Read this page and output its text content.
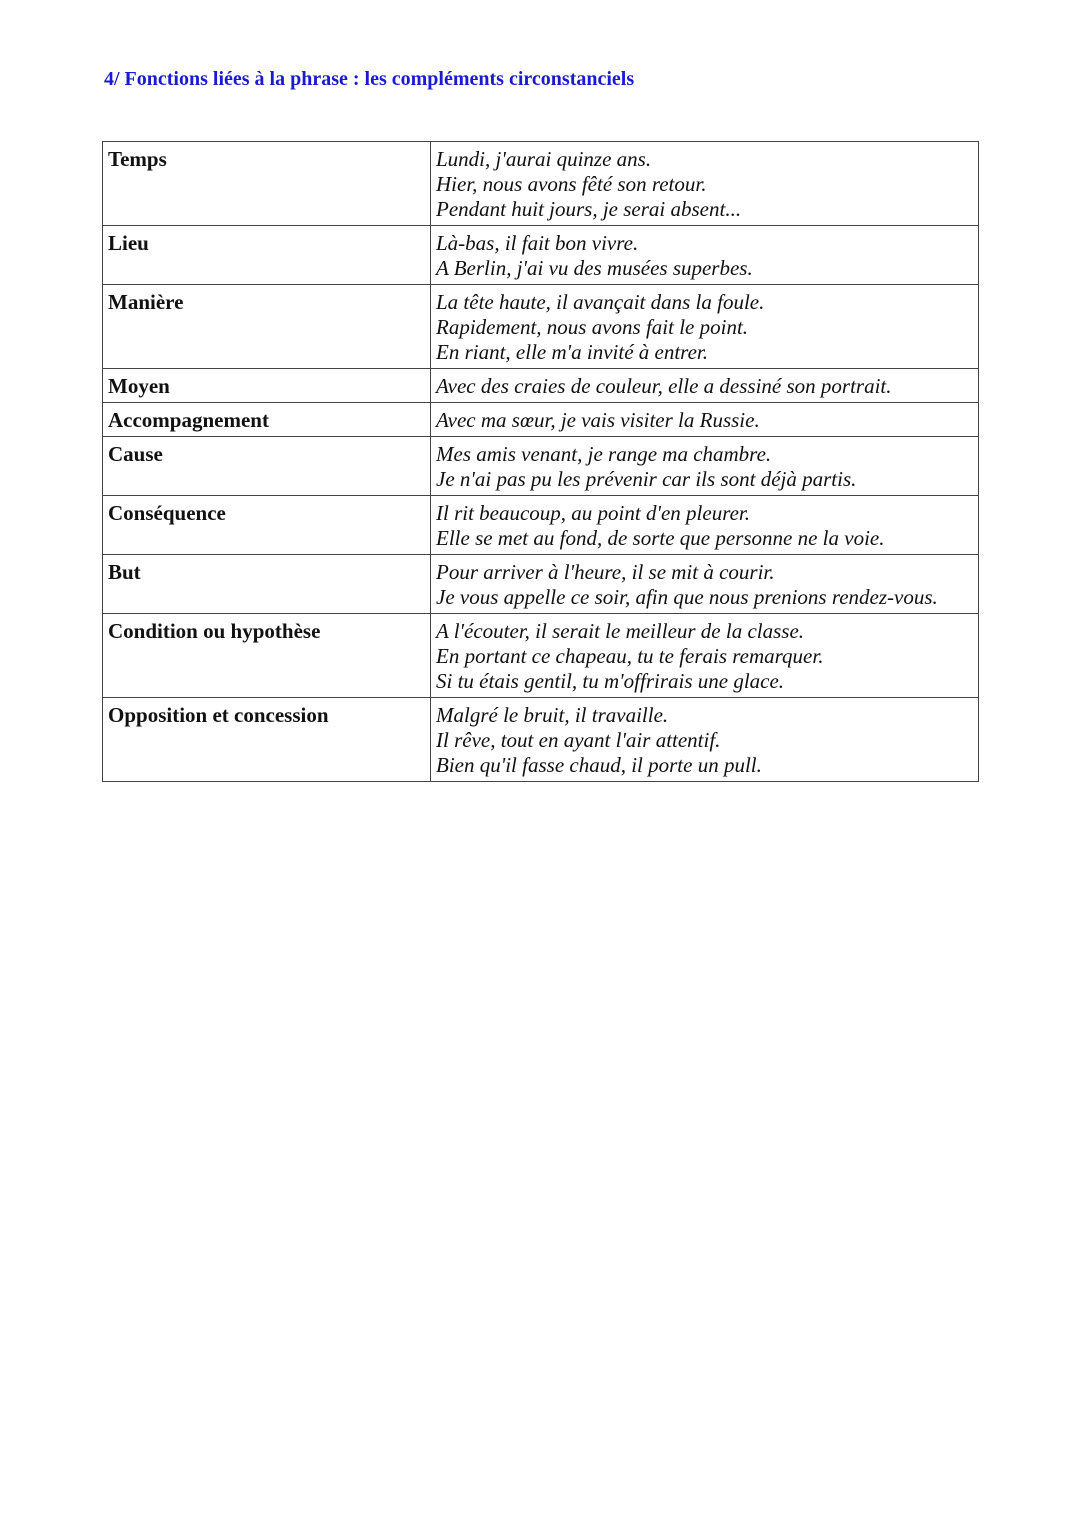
4/ Fonctions liées à la phrase : les compléments circonstanciels
Temps	Lundi, j'aurai quinze ans.
Hier, nous avons fêté son retour.
Pendant huit jours, je serai absent...

Lieu	Là-bas, il fait bon vivre.
A Berlin, j'ai vu des musées superbes.

Manière	La tête haute, il avançait dans la foule.
Rapidement, nous avons fait le point.
En riant, elle m'a invité à entrer.

Moyen	Avec des craies de couleur, elle a dessiné son portrait.

Accompagnement	Avec ma sœur, je vais visiter la Russie.

Cause	Mes amis venant, je range ma chambre.
Je n'ai pas pu les prévenir car ils sont déjà partis.

Conséquence	Il rit beaucoup, au point d'en pleurer.
Elle se met au fond, de sorte que personne ne la voie.

But	Pour arriver à l'heure, il se mit à courir.
Je vous appelle ce soir, afin que nous prenions rendez-vous.

Condition ou hypothèse	A l'écouter, il serait le meilleur de la classe.
En portant ce chapeau, tu te ferais remarquer.
Si tu étais gentil, tu m'offrirais une glace.

Opposition et concession	Malgré le bruit, il travaille.
Il rêve, tout en ayant l'air attentif.
Bien qu'il fasse chaud, il porte un pull.
